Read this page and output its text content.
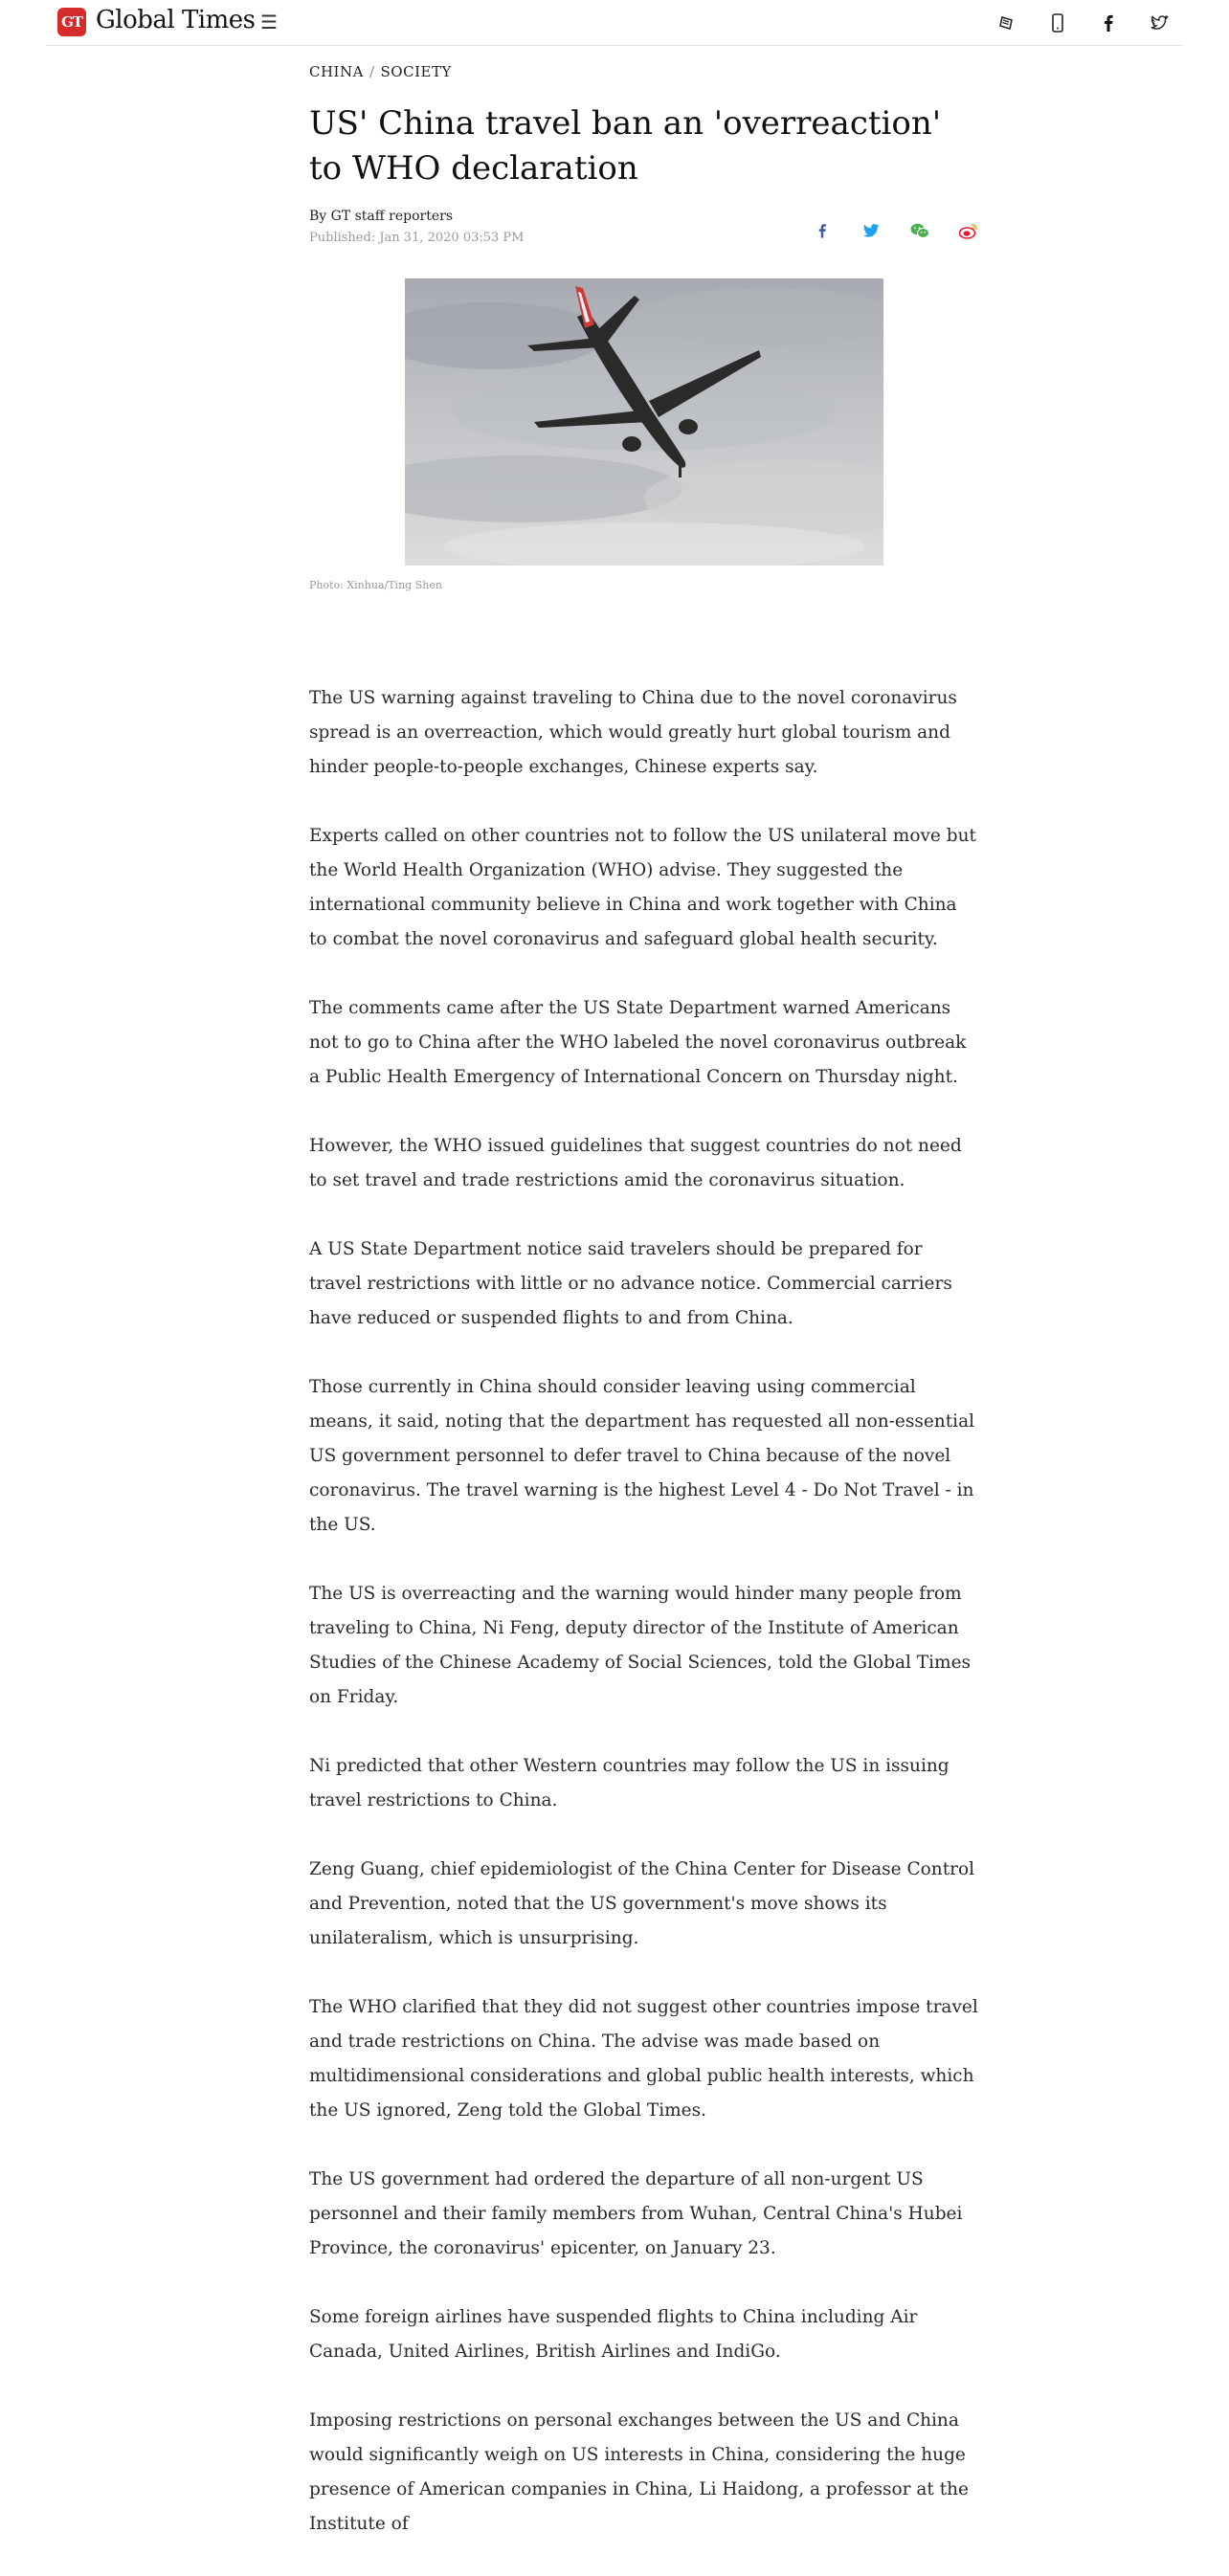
GT Global Times ☰
CHINA / SOCIETY
US' China travel ban an 'overreaction' to WHO declaration
By GT staff reporters
Published: Jan 31, 2020 03:53 PM
Photo: Xinhua/Ting Shen

The US warning against traveling to China due to the novel coronavirus spread is an overreaction, which would greatly hurt global tourism and hinder people-to-people exchanges, Chinese experts say.

Experts called on other countries not to follow the US unilateral move but the World Health Organization (WHO) advise. They suggested the international community believe in China and work together with China to combat the novel coronavirus and safeguard global health security.

The comments came after the US State Department warned Americans not to go to China after the WHO labeled the novel coronavirus outbreak a Public Health Emergency of International Concern on Thursday night.

However, the WHO issued guidelines that suggest countries do not need to set travel and trade restrictions amid the coronavirus situation.

A US State Department notice said travelers should be prepared for travel restrictions with little or no advance notice. Commercial carriers have reduced or suspended flights to and from China.

Those currently in China should consider leaving using commercial means, it said, noting that the department has requested all non-essential US government personnel to defer travel to China because of the novel coronavirus. The travel warning is the highest Level 4 - Do Not Travel - in the US.

The US is overreacting and the warning would hinder many people from traveling to China, Ni Feng, deputy director of the Institute of American Studies of the Chinese Academy of Social Sciences, told the Global Times on Friday.

Ni predicted that other Western countries may follow the US in issuing travel restrictions to China.

Zeng Guang, chief epidemiologist of the China Center for Disease Control and Prevention, noted that the US government's move shows its unilateralism, which is unsurprising.

The WHO clarified that they did not suggest other countries impose travel and trade restrictions on China. The advise was made based on multidimensional considerations and global public health interests, which the US ignored, Zeng told the Global Times.

The US government had ordered the departure of all non-urgent US personnel and their family members from Wuhan, Central China's Hubei Province, the coronavirus' epicenter, on January 23.

Some foreign airlines have suspended flights to China including Air Canada, United Airlines, British Airlines and IndiGo.

Imposing restrictions on personal exchanges between the US and China would significantly weigh on US interests in China, considering the huge presence of American companies in China, Li Haidong, a professor at the Institute of
